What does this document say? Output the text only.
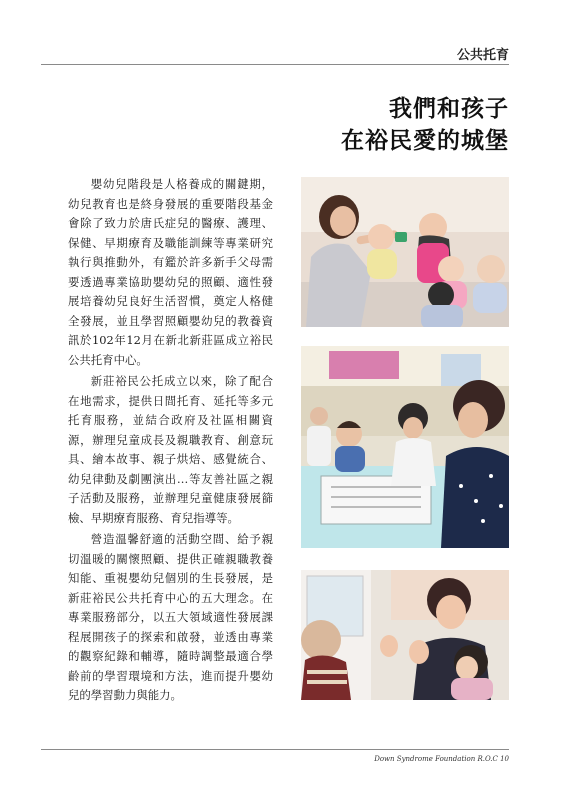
公共托育
我們和孩子
在裕民愛的城堡

嬰幼兒階段是人格養成的關鍵期，幼兒教育也是終身發展的重要階段基金會除了致力於唐氏症兒的醫療、護理、保健、早期療育及職能訓練等專業研究執行與推動外，有鑑於許多新手父母需要透過專業協助嬰幼兒的照顧、適性發展培養幼兒良好生活習慣，奠定人格健全發展，並且學習照顧嬰幼兒的教養資訊於102年12月在新北新莊區成立裕民公共托育中心。

新莊裕民公托成立以來，除了配合在地需求，提供日間托育、延托等多元托育服務，並結合政府及社區相關資源，辦理兒童成長及親職教育、創意玩具、繪本故事、親子烘焙、感覺統合、幼兒律動及劇團演出…等友善社區之親子活動及服務，並辦理兒童健康發展篩檢、早期療育服務、育兒指導等。

營造溫馨舒適的活動空間、給予親切溫暖的關懷照顧、提供正確親職教養知能、重視嬰幼兒個別的生長發展，是新莊裕民公共托育中心的五大理念。在專業服務部分，以五大領域適性發展課程展開孩子的探索和啟發，並透由專業的觀察紀錄和輔導，隨時調整最適合學齡前的學習環境和方法，進而提升嬰幼兒的學習動力與能力。

Down Syndrome Foundation R.O.C 10
